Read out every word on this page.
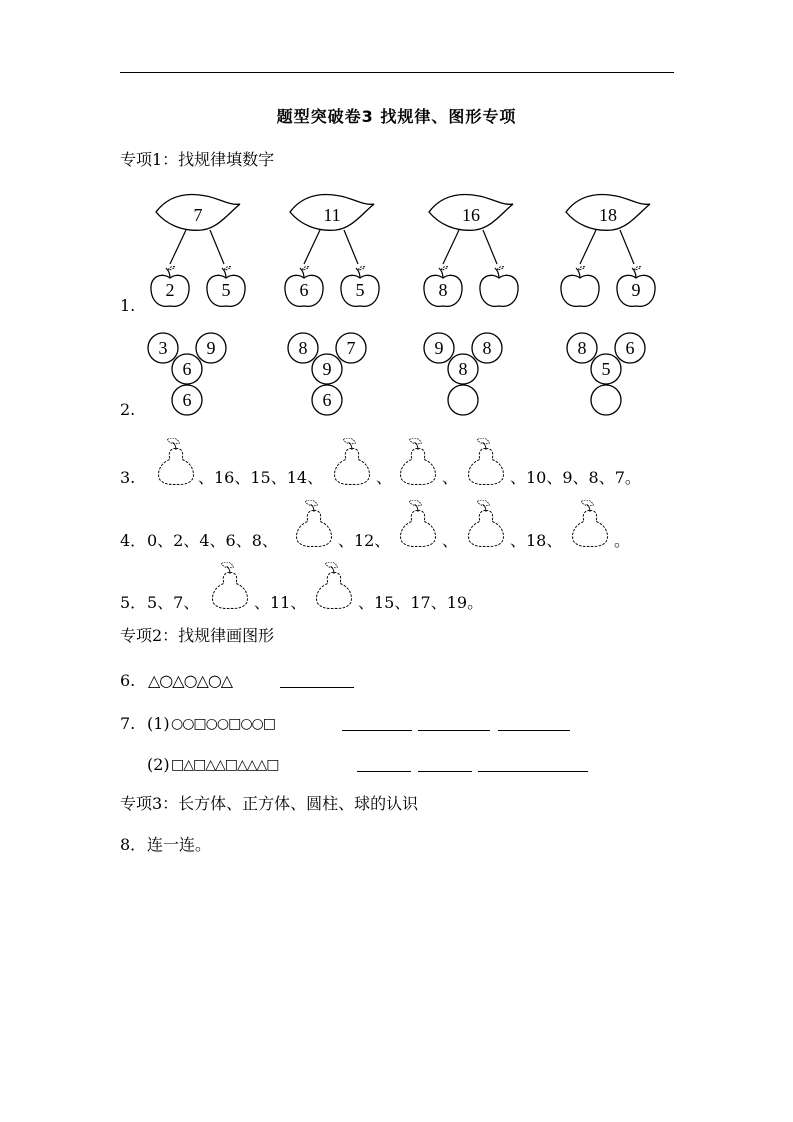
题型突破卷3 找规律、图形专项
专项1：找规律填数字
1.
7
2	5
11
6	5
16
8
18
9
2.
3 9
6
6
8 7
9
6
9 8
8
8 6
5
3.	、16、15、14、	、	、	、10、9、8、7。
4． 0、2、4、6、8、	、12、	、	、18、	。
5． 5、7、	、11、	、15、17、19。
专项2：找规律画图形
6. △○△○△○△
7. (1) ○○□○○□○○□
(2) □△□△△□△△△□
专项3：长方体、正方体、圆柱、球的认识
8． 连一连。
